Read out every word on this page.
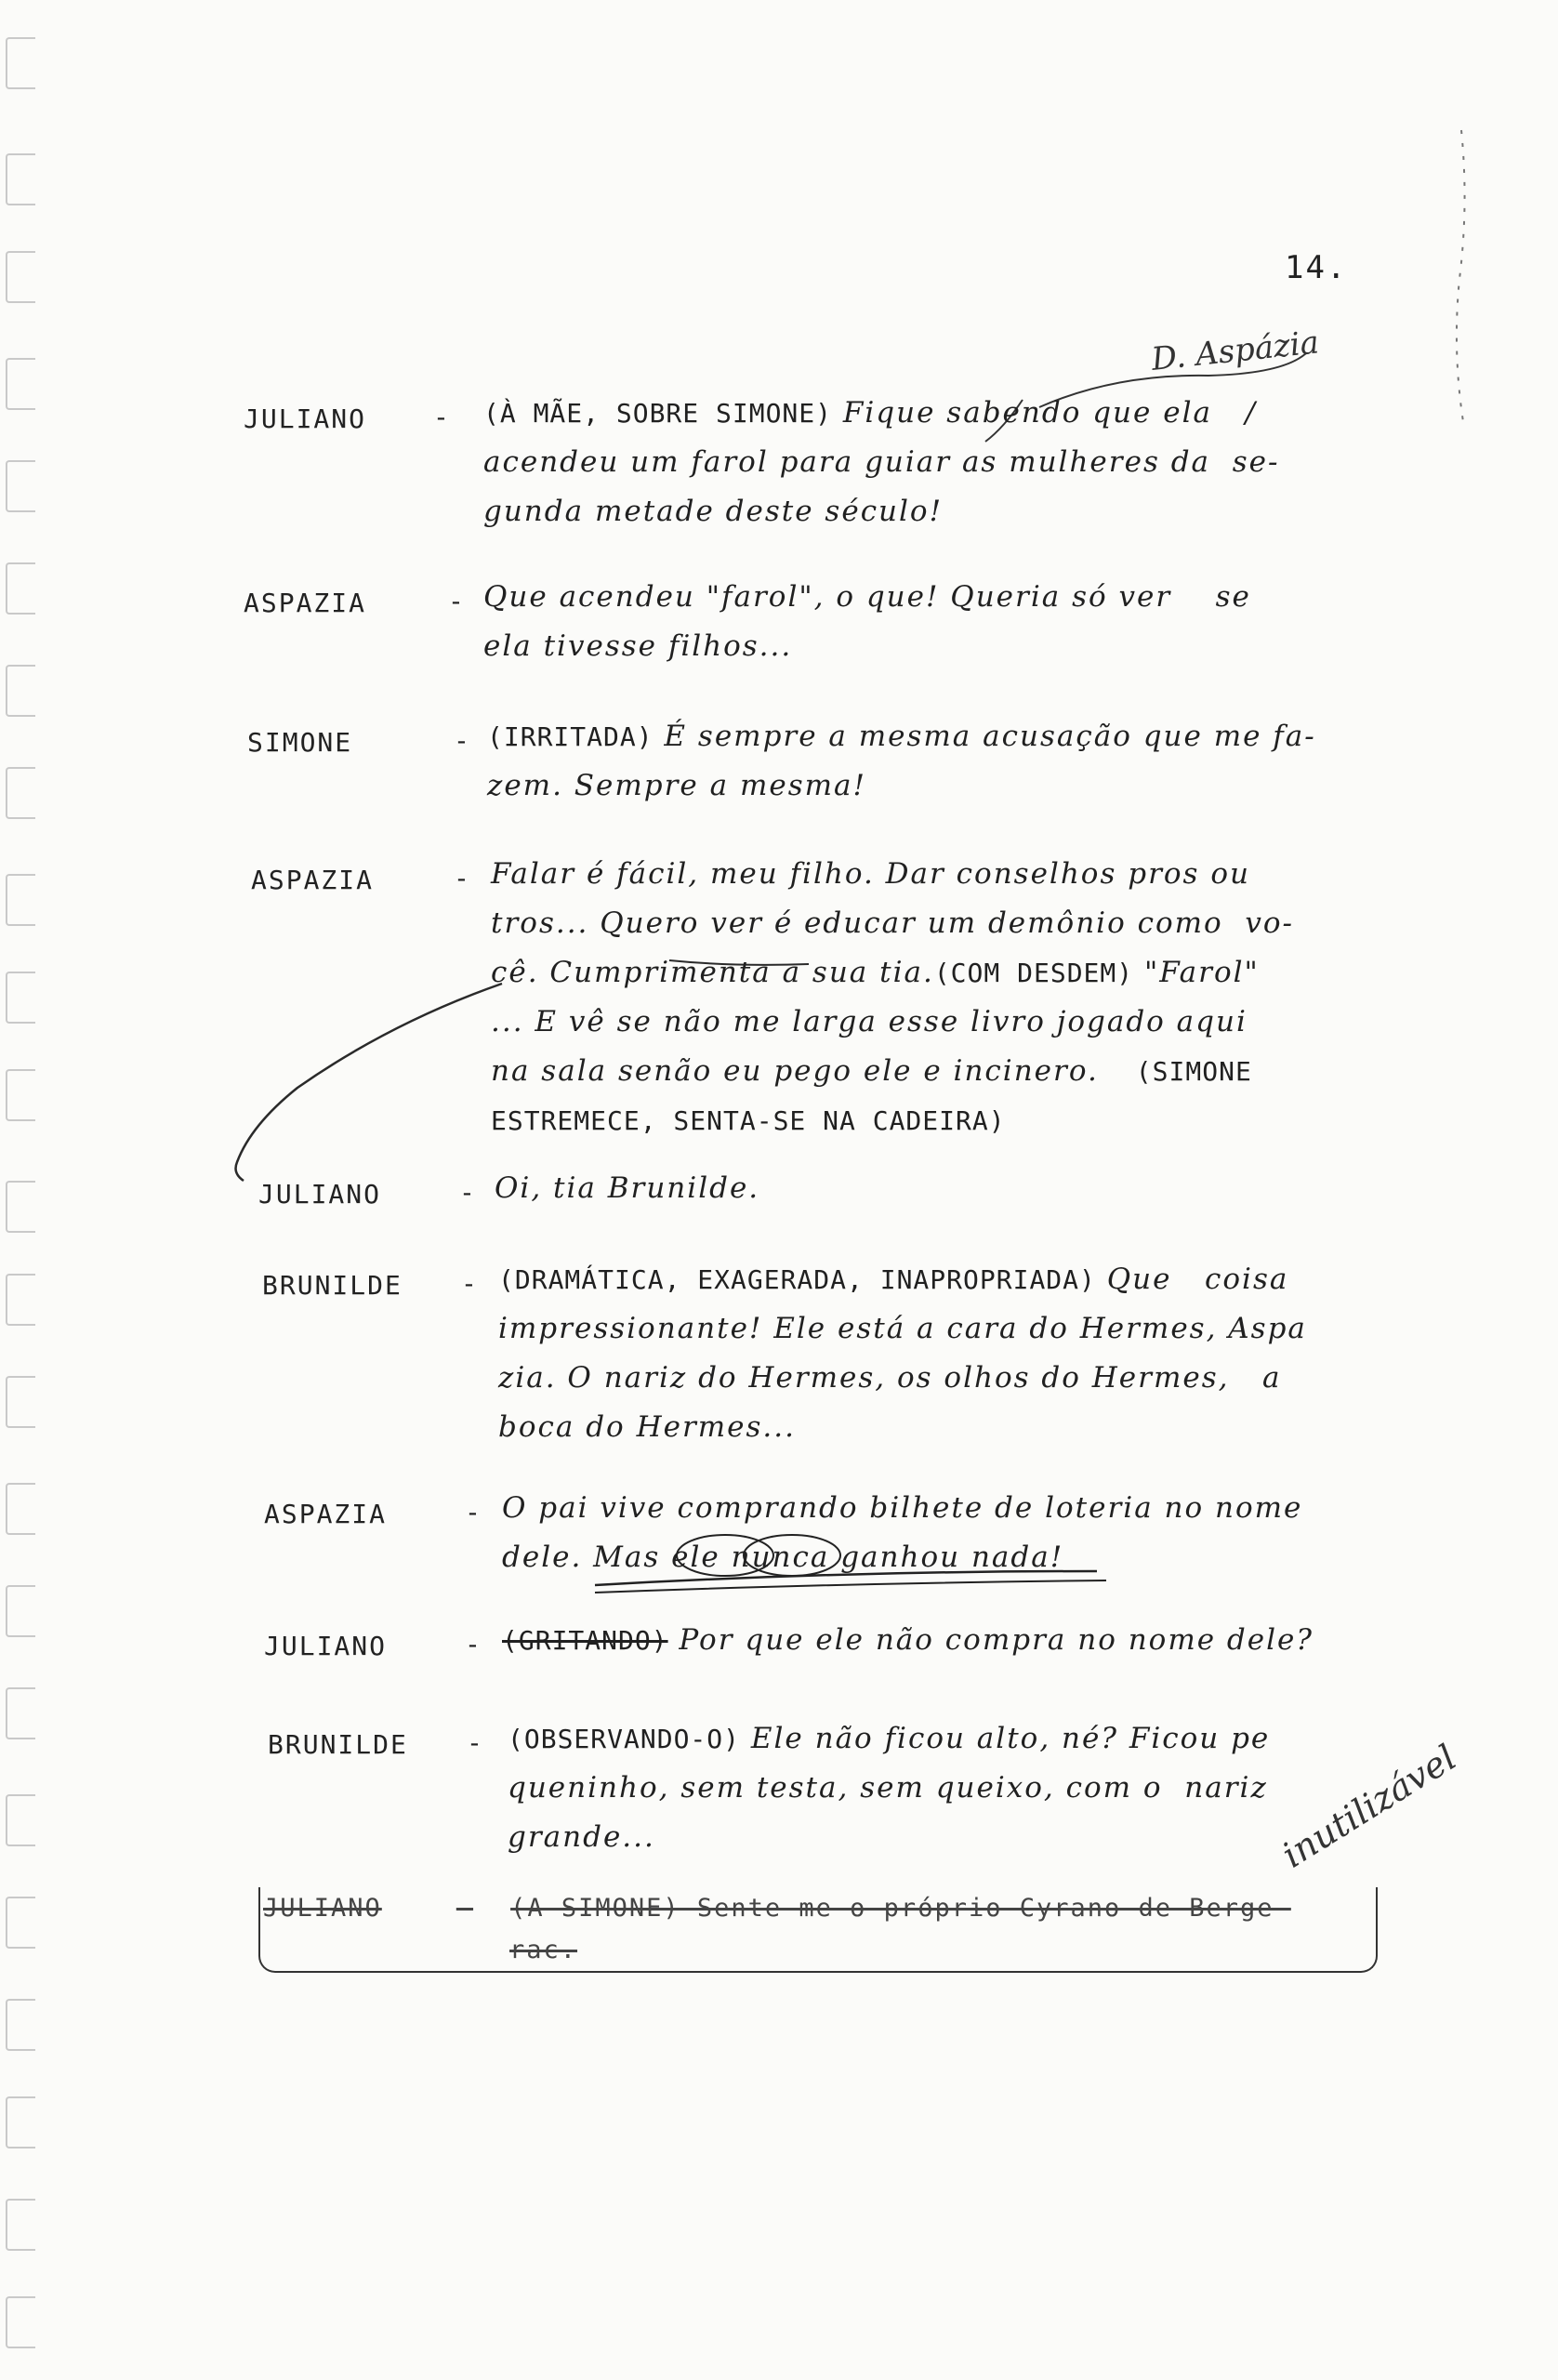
14.
D. Aspázia
inutilizável
JULIANO	- (À MÃE, SOBRE SIMONE) Fique sabendo que ela   /
acendeu um farol para guiar as mulheres da  se-
gunda metade deste século!
ASPAZIA	- Que acendeu "farol", o que! Queria só ver    se
ela tivesse filhos...
SIMONE	- (IRRITADA) É sempre a mesma acusação que me fa-
zem. Sempre a mesma!
ASPAZIA	- Falar é fácil, meu filho. Dar conselhos pros ou
tros... Quero ver é educar um demônio como  vo-
cê. Cumprimenta a sua tia.(COM DESDEM) "Farol"
... E vê se não me larga esse livro jogado aqui
na sala senão eu pego ele e incinero. (SIMONE
ESTREMECE, SENTA-SE NA CADEIRA)
JULIANO	- Oi, tia Brunilde.
BRUNILDE - (DRAMÁTICA, EXAGERADA, INAPROPRIADA) Que   coisa
impressionante! Ele está a cara do Hermes, Aspa
zia. O nariz do Hermes, os olhos do Hermes,   a
boca do Hermes...
ASPAZIA	- O pai vive comprando bilhete de loteria no nome
dele. Mas ele nunca ganhou nada!
JULIANO	- (GRITANDO) Por que ele não compra no nome dele?
BRUNILDE - (OBSERVANDO-O) Ele não ficou alto, né? Ficou pe
queninho, sem testa, sem queixo, com o  nariz
grande...
JULIANO	- (A SIMONE) Sente-me o próprio Cyrano de Berge-
rac.
